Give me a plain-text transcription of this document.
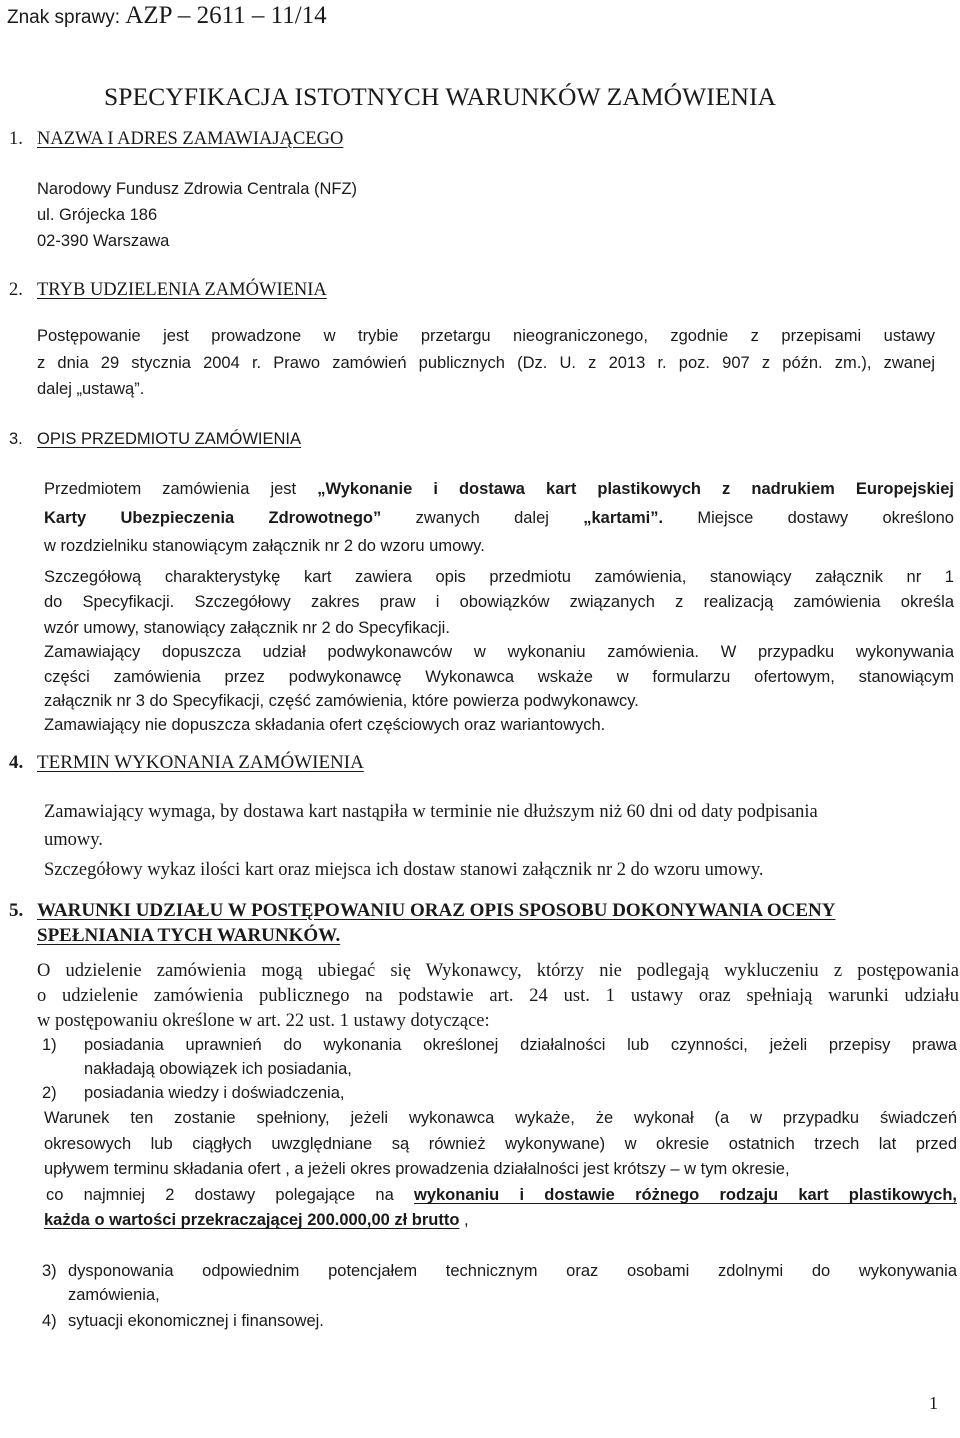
Znak sprawy: AZP – 2611 – 11/14
SPECYFIKACJA ISTOTNYCH WARUNKÓW ZAMÓWIENIA
1. NAZWA I ADRES ZAMAWIAJĄCEGO
Narodowy Fundusz Zdrowia Centrala (NFZ)
ul. Grójecka 186
02-390 Warszawa
2. TRYB UDZIELENIA ZAMÓWIENIA
Postępowanie jest prowadzone w trybie przetargu nieograniczonego, zgodnie z przepisami ustawy
z dnia 29 stycznia 2004 r. Prawo zamówień publicznych (Dz. U. z 2013 r. poz. 907 z późn. zm.), zwanej
dalej „ustawą”.
3. OPIS PRZEDMIOTU ZAMÓWIENIA
Przedmiotem zamówienia jest „Wykonanie i dostawa kart plastikowych z nadrukiem Europejskiej
Karty Ubezpieczenia Zdrowotnego” zwanych dalej „kartami”. Miejsce dostawy określono
w rozdzielniku stanowiącym załącznik nr 2 do wzoru umowy.
Szczegółową charakterystykę kart zawiera opis przedmiotu zamówienia, stanowiący załącznik nr 1
do Specyfikacji. Szczegółowy zakres praw i obowiązków związanych z realizacją zamówienia określa
wzór umowy, stanowiący załącznik nr 2 do Specyfikacji.
Zamawiający dopuszcza udział podwykonawców w wykonaniu zamówienia. W przypadku wykonywania
części zamówienia przez podwykonawcę Wykonawca wskaże w formularzu ofertowym, stanowiącym
załącznik nr 3 do Specyfikacji, część zamówienia, które powierza podwykonawcy.
Zamawiający nie dopuszcza składania ofert częściowych oraz wariantowych.
4. TERMIN WYKONANIA ZAMÓWIENIA
Zamawiający wymaga, by dostawa kart nastąpiła w terminie nie dłuższym niż 60 dni od daty podpisania
umowy.
Szczegółowy wykaz ilości kart oraz miejsca ich dostaw stanowi załącznik nr 2 do wzoru umowy.
5. WARUNKI UDZIAŁU W POSTĘPOWANIU ORAZ OPIS SPOSOBU DOKONYWANIA OCENY
SPEŁNIANIA TYCH WARUNKÓW.
O udzielenie zamówienia mogą ubiegać się Wykonawcy, którzy nie podlegają wykluczeniu z postępowania
o udzielenie zamówienia publicznego na podstawie art. 24 ust. 1 ustawy oraz spełniają warunki udziału
w postępowaniu określone w art. 22 ust. 1 ustawy dotyczące:
1) posiadania uprawnień do wykonania określonej działalności lub czynności, jeżeli przepisy prawa
nakładają obowiązek ich posiadania,
2) posiadania wiedzy i doświadczenia,
Warunek ten zostanie spełniony, jeżeli wykonawca wykaże, że wykonał (a w przypadku świadczeń
okresowych lub ciągłych uwzględniane są również wykonywane) w okresie ostatnich trzech lat przed
upływem terminu składania ofert , a jeżeli okres prowadzenia działalności jest krótszy – w tym okresie,
co najmniej 2 dostawy polegające na wykonaniu i dostawie różnego rodzaju kart plastikowych,
każda o wartości przekraczającej 200.000,00 zł brutto ,
3) dysponowania odpowiednim potencjałem technicznym oraz osobami zdolnymi do wykonywania
zamówienia,
4) sytuacji ekonomicznej i finansowej.
1
